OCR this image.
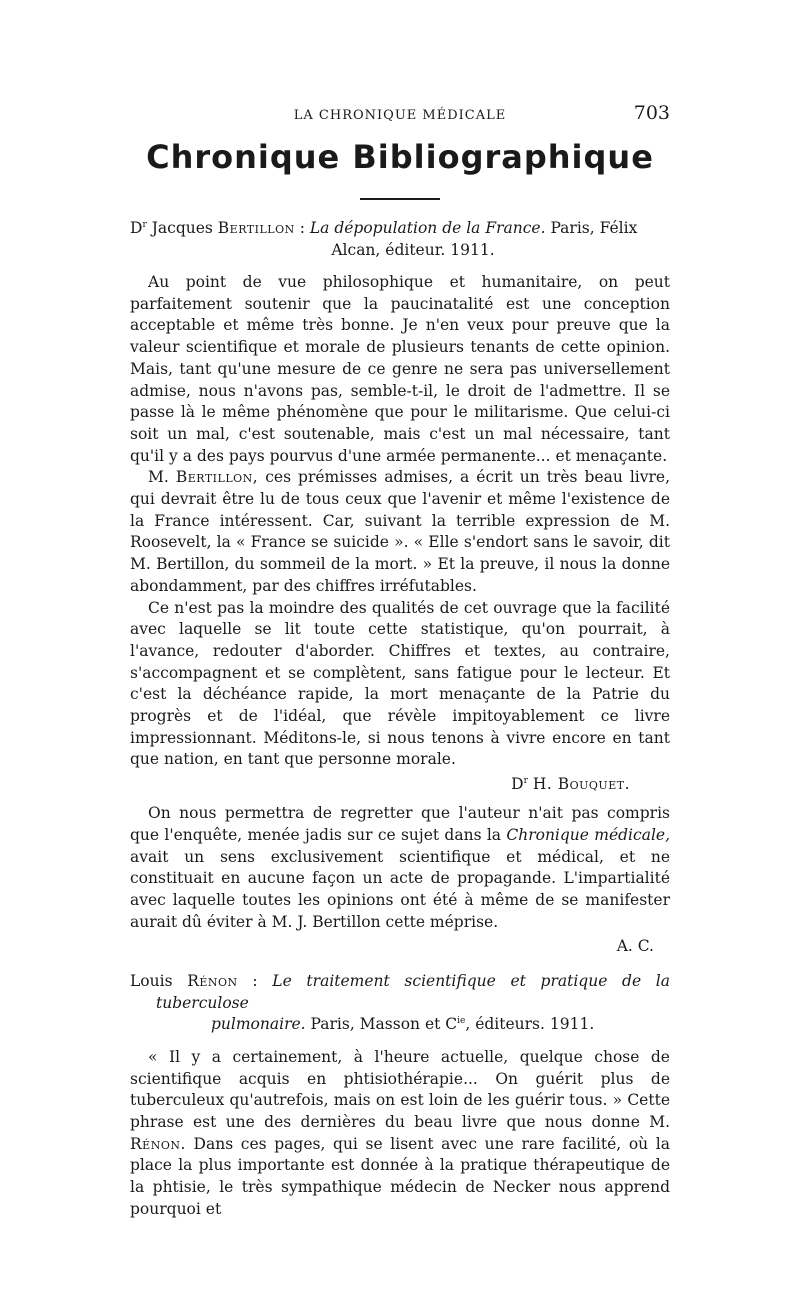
LA CHRONIQUE MÉDICALE	703
Chronique Bibliographique
$D^r$ Jacques Bertillon : La dépopulation de la France. Paris, Félix
Alcan, éditeur. 1911.

Au point de vue philosophique et humanitaire, on peut parfaitement soutenir que la paucinatalité est une conception acceptable et même très bonne. Je n'en veux pour preuve que la valeur scientifique et morale de plusieurs tenants de cette opinion. Mais, tant qu'une mesure de ce genre ne sera pas universellement admise, nous n'avons pas, semble-t-il, le droit de l'admettre. Il se passe là le même phénomène que pour le militarisme. Que celui-ci soit un mal, c'est soutenable, mais c'est un mal nécessaire, tant qu'il y a des pays pourvus d'une armée permanente... et menaçante.

M. Bertillon, ces prémisses admises, a écrit un très beau livre, qui devrait être lu de tous ceux que l'avenir et même l'existence de la France intéressent. Car, suivant la terrible expression de M. Roosevelt, la « France se suicide ». « Elle s'endort sans le savoir, dit M. Bertillon, du sommeil de la mort. » Et la preuve, il nous la donne abondamment, par des chiffres irréfutables.

Ce n'est pas la moindre des qualités de cet ouvrage que la facilité avec laquelle se lit toute cette statistique, qu'on pourrait, à l'avance, redouter d'aborder. Chiffres et textes, au contraire, s'accompagnent et se complètent, sans fatigue pour le lecteur. Et c'est la déchéance rapide, la mort menaçante de la Patrie du progrès et de l'idéal, que révèle impitoyablement ce livre impressionnant. Méditons-le, si nous tenons à vivre encore en tant que nation, en tant que personne morale.

$D^r$ H. Bouquet.

On nous permettra de regretter que l'auteur n'ait pas compris que l'enquête, menée jadis sur ce sujet dans la Chronique médicale, avait un sens exclusivement scientifique et médical, et ne constituait en aucune façon un acte de propagande. L'impartialité avec laquelle toutes les opinions ont été à même de se manifester aurait dû éviter à M. J. Bertillon cette méprise.

A. C.
Louis Rénon : Le traitement scientifique et pratique de la tuberculose
pulmonaire. Paris, Masson et $C^{ie}$, éditeurs. 1911.

« Il y a certainement, à l'heure actuelle, quelque chose de scientifique acquis en phtisiothérapie... On guérit plus de tuberculeux qu'autrefois, mais on est loin de les guérir tous. » Cette phrase est une des dernières du beau livre que nous donne M. Rénon. Dans ces pages, qui se lisent avec une rare facilité, où la place la plus importante est donnée à la pratique thérapeutique de la phtisie, le très sympathique médecin de Necker nous apprend pourquoi et
